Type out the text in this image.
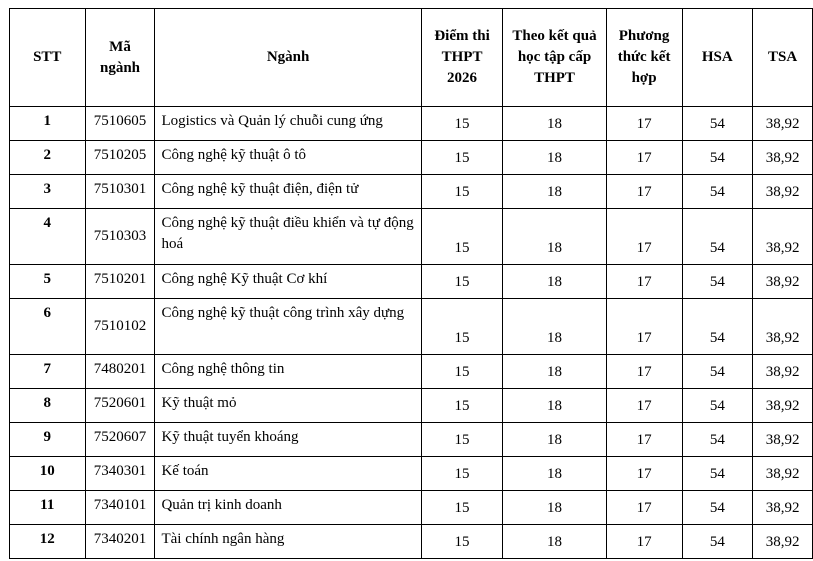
STT	Mã ngành	Ngành	Điểm thi THPT 2026	Theo kết quả học tập cấp THPT	Phương thức kết hợp	HSA	TSA
1	7510605	Logistics và Quản lý chuỗi cung ứng	15	18	17	54	38,92
2	7510205	Công nghệ kỹ thuật ô tô	15	18	17	54	38,92
3	7510301	Công nghệ kỹ thuật điện, điện tử	15	18	17	54	38,92
4	7510303	Công nghệ kỹ thuật điều khiển và tự động hoá	15	18	17	54	38,92
5	7510201	Công nghệ Kỹ thuật Cơ khí	15	18	17	54	38,92
6	7510102	Công nghệ kỹ thuật công trình xây dựng	15	18	17	54	38,92
7	7480201	Công nghệ thông tin	15	18	17	54	38,92
8	7520601	Kỹ thuật mỏ	15	18	17	54	38,92
9	7520607	Kỹ thuật tuyển khoáng	15	18	17	54	38,92
10	7340301	Kế toán	15	18	17	54	38,92
11	7340101	Quản trị kinh doanh	15	18	17	54	38,92
12	7340201	Tài chính ngân hàng	15	18	17	54	38,92
